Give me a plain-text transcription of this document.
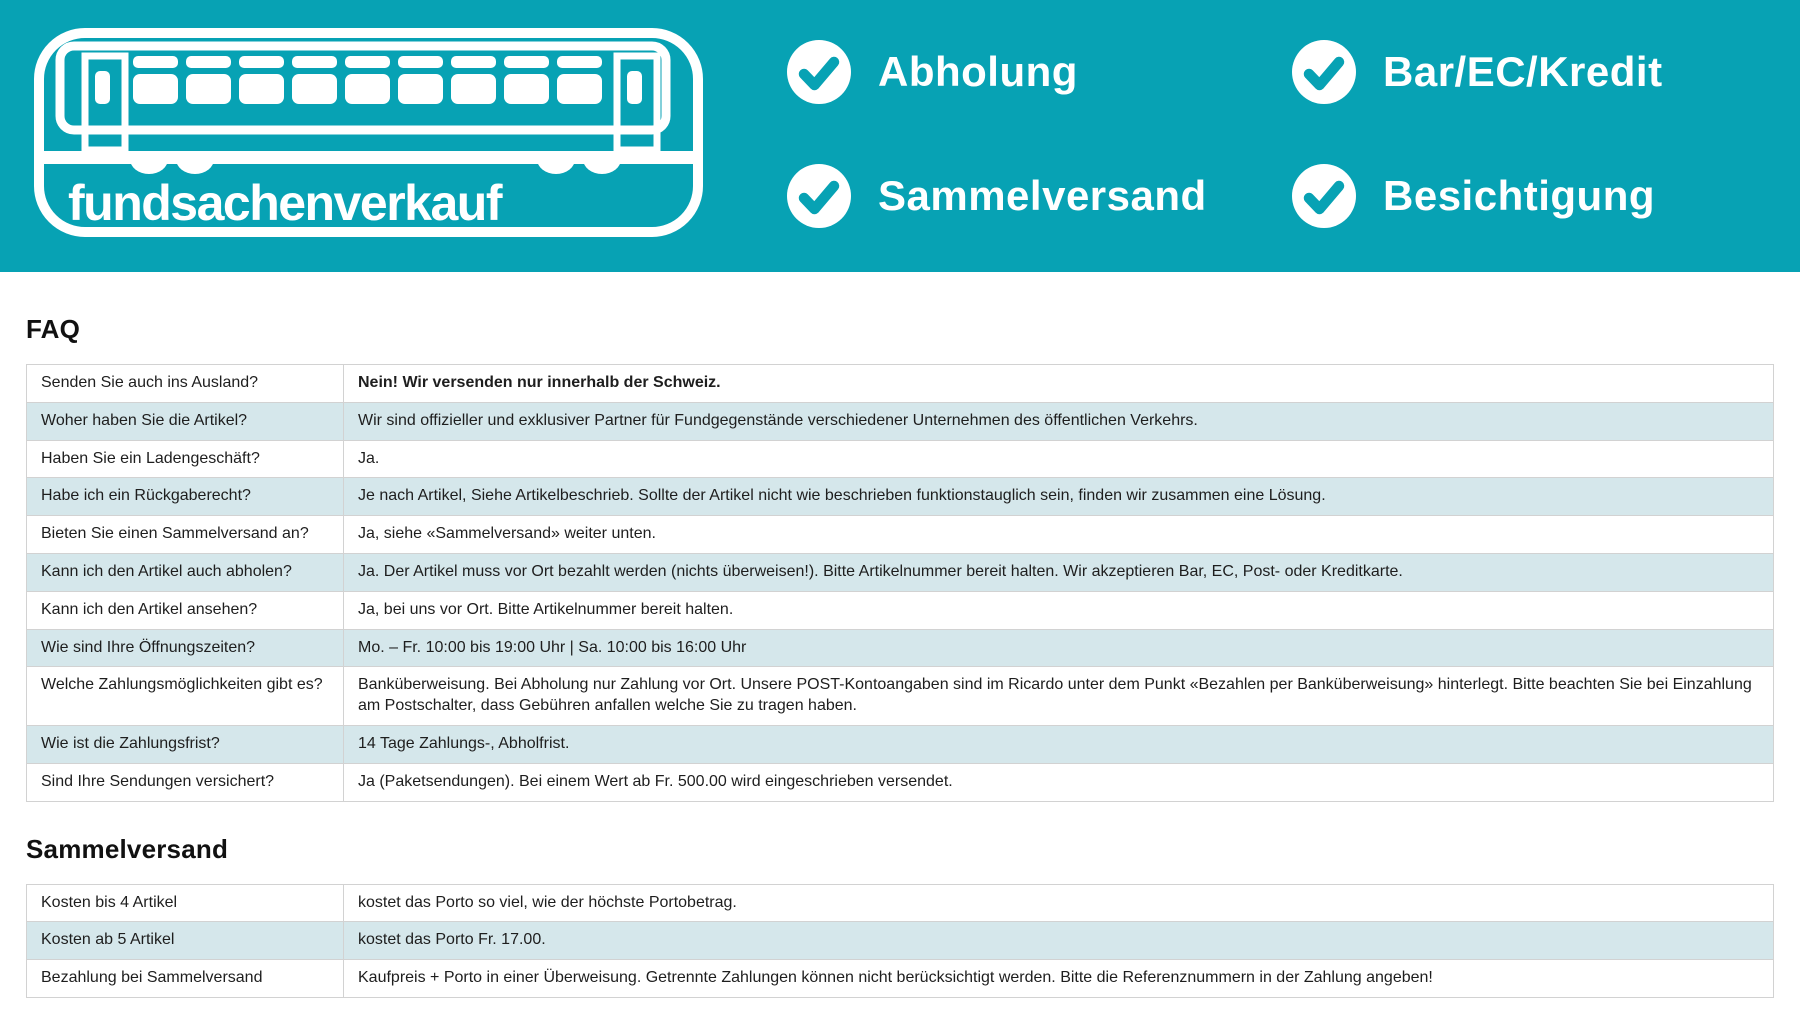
fundsachenverkauf
Abholung	Bar/EC/Kredit
Sammelversand	Besichtigung
FAQ
Senden Sie auch ins Ausland?	Nein! Wir versenden nur innerhalb der Schweiz.
Woher haben Sie die Artikel?	Wir sind offizieller und exklusiver Partner für Fundgegenstände verschiedener Unternehmen des öffentlichen Verkehrs.
Haben Sie ein Ladengeschäft?	Ja.
Habe ich ein Rückgaberecht?	Je nach Artikel, Siehe Artikelbeschrieb. Sollte der Artikel nicht wie beschrieben funktionstauglich sein, finden wir zusammen eine Lösung.
Bieten Sie einen Sammelversand an?	Ja, siehe «Sammelversand» weiter unten.
Kann ich den Artikel auch abholen?	Ja. Der Artikel muss vor Ort bezahlt werden (nichts überweisen!). Bitte Artikelnummer bereit halten. Wir akzeptieren Bar, EC, Post- oder Kreditkarte.
Kann ich den Artikel ansehen?	Ja, bei uns vor Ort. Bitte Artikelnummer bereit halten.
Wie sind Ihre Öffnungszeiten?	Mo. – Fr. 10:00 bis 19:00 Uhr | Sa. 10:00 bis 16:00 Uhr
Welche Zahlungsmöglichkeiten gibt es?	Banküberweisung. Bei Abholung nur Zahlung vor Ort. Unsere POST-Kontoangaben sind im Ricardo unter dem Punkt «Bezahlen per Banküberweisung» hinterlegt. Bitte beachten Sie bei Einzahlung am Postschalter, dass Gebühren anfallen welche Sie zu tragen haben.
Wie ist die Zahlungsfrist?	14 Tage Zahlungs-, Abholfrist.
Sind Ihre Sendungen versichert?	Ja (Paketsendungen). Bei einem Wert ab Fr. 500.00 wird eingeschrieben versendet.
Sammelversand
Kosten bis 4 Artikel	kostet das Porto so viel, wie der höchste Portobetrag.
Kosten ab 5 Artikel	kostet das Porto Fr. 17.00.
Bezahlung bei Sammelversand	Kaufpreis + Porto in einer Überweisung. Getrennte Zahlungen können nicht berücksichtigt werden. Bitte die Referenznummern in der Zahlung angeben!
